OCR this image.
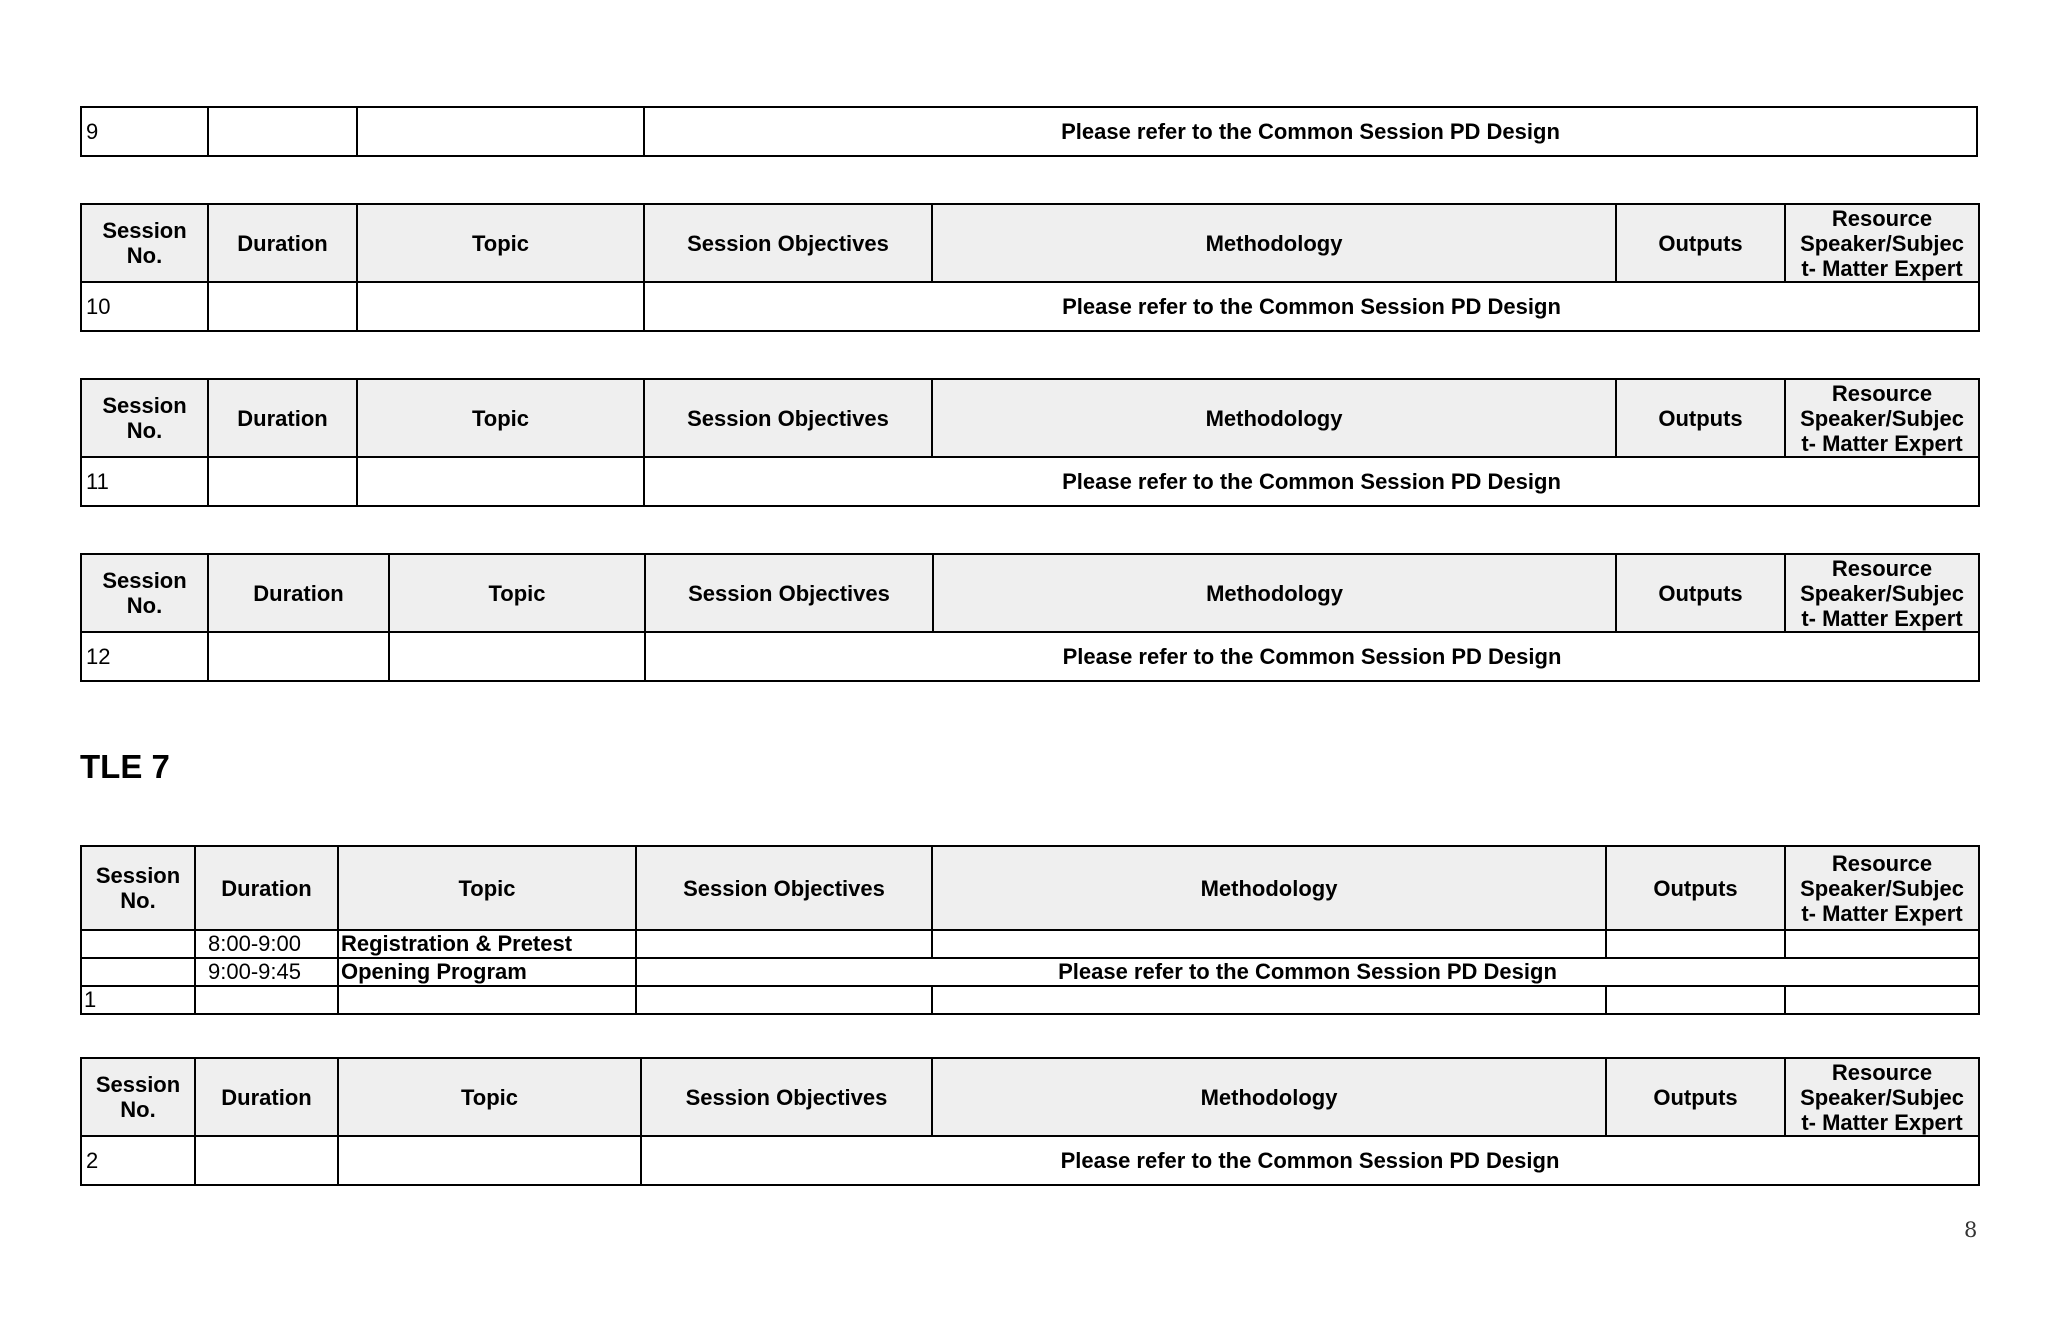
9			Please refer to the Common Session PD Design
Session No.	Duration	Topic	Session Objectives	Methodology	Outputs	Resource Speaker/Subjec t- Matter Expert
10			Please refer to the Common Session PD Design			
Session No.	Duration	Topic	Session Objectives	Methodology	Outputs	Resource Speaker/Subjec t- Matter Expert
11			Please refer to the Common Session PD Design			
Session No.	Duration	Topic	Session Objectives	Methodology	Outputs	Resource Speaker/Subjec t- Matter Expert
12			Please refer to the Common Session PD Design			
TLE 7
Session No.	Duration	Topic	Session Objectives	Methodology	Outputs	Resource Speaker/Subjec t- Matter Expert
	8:00-9:00	Registration & Pretest				
	9:00-9:45	Opening Program	Please refer to the Common Session PD Design			
1						
Session No.	Duration	Topic	Session Objectives	Methodology	Outputs	Resource Speaker/Subjec t- Matter Expert
2			Please refer to the Common Session PD Design			
8
